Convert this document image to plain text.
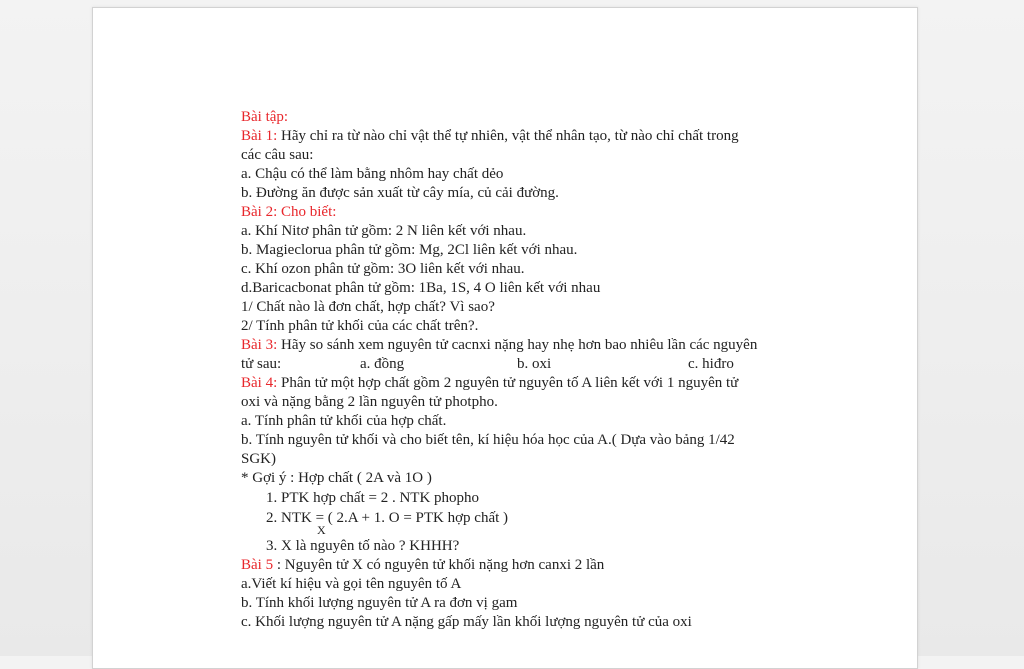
Bài tập:
Bài 1: Hãy chỉ ra từ nào chỉ vật thể tự nhiên, vật thể nhân tạo, từ nào chỉ chất trong
các câu sau:
a. Chậu có thể làm bằng nhôm hay chất dẻo
b. Đường ăn được sản xuất từ cây mía, củ cải đường.
Bài 2: Cho biết:
a. Khí Nitơ phân tử gồm: 2 N liên kết với nhau.
b. Magieclorua phân tử gồm: Mg, 2Cl liên kết với nhau.
c. Khí ozon phân tử gồm: 3O liên kết với nhau.
d.Baricacbonat phân tử gồm: 1Ba, 1S, 4 O liên kết với nhau
1/ Chất nào là đơn chất, hợp chất? Vì sao?
2/ Tính phân tử khối của các chất trên?.
Bài 3: Hãy so sánh xem nguyên tử cacnxi nặng hay nhẹ hơn bao nhiêu lần các nguyên
tử sau:	a. đồng	b. oxi	c. hiđro
Bài 4: Phân tử một hợp chất gồm 2 nguyên tử nguyên tố A liên kết với 1 nguyên tử
oxi và nặng bằng 2 lần nguyên tử photpho.
a. Tính phân tử khối của hợp chất.
b. Tính nguyên tử khối và cho biết tên, kí hiệu hóa học của A.( Dựa vào bảng 1/42
SGK)
* Gợi ý : Hợp chất ( 2A và 1O )
1. PTK hợp chất = 2 . NTK phopho
2. NTK = ( 2.A + 1. O = PTK hợp chất )
X
3. X là nguyên tố nào ? KHHH?
Bài 5 : Nguyên tử X có nguyên tử khối nặng hơn canxi 2 lần
a.Viết kí hiệu và gọi tên nguyên tố A
b. Tính khối lượng nguyên tử A ra đơn vị gam
c. Khối lượng nguyên tử A nặng gấp mấy lần khối lượng nguyên tử của oxi
